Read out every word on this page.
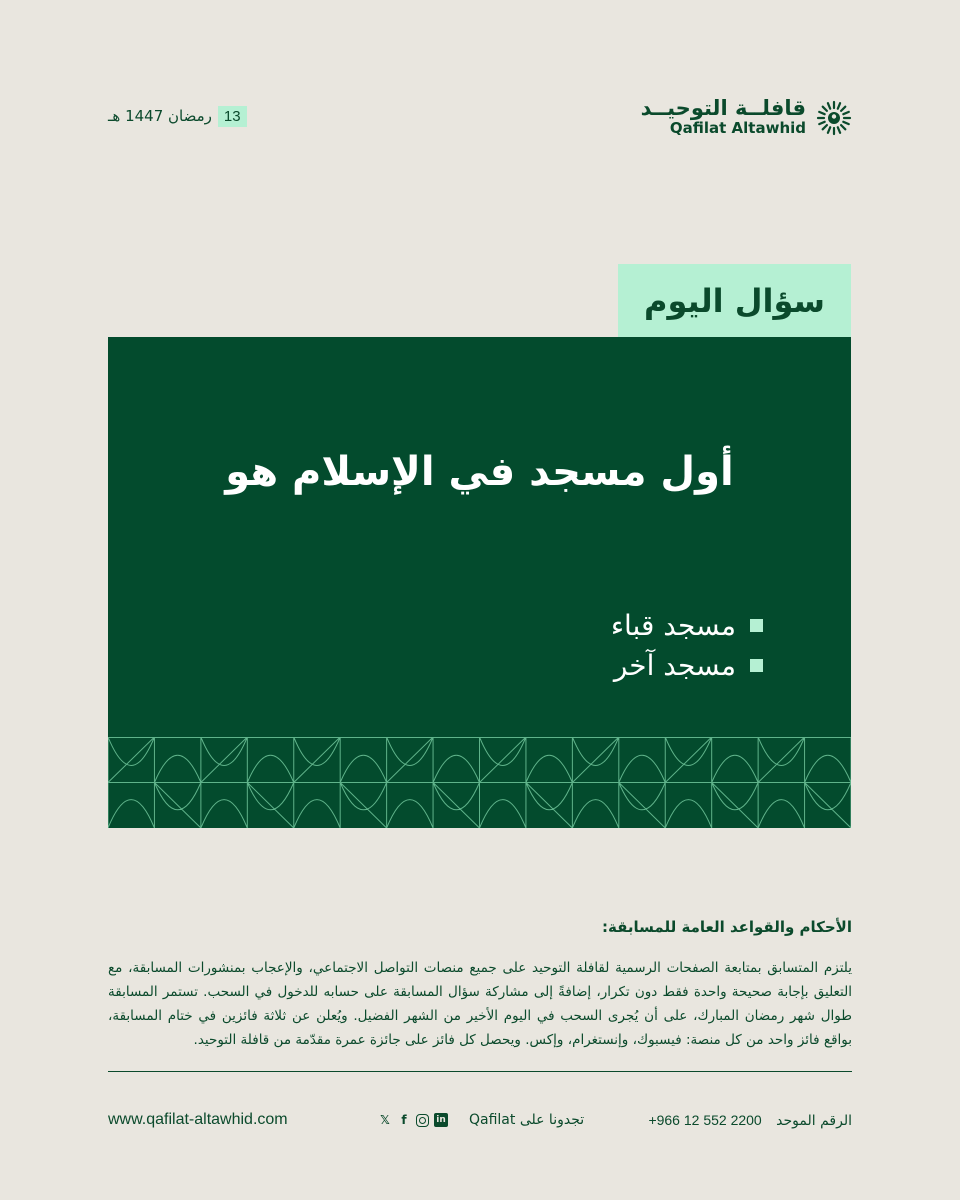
قافلــة التوحيــد
Qafilat Altawhid
13
رمضان 1447 هـ
سؤال اليوم
أول مسجد في الإسلام هو
مسجد قباء
مسجد آخر
الأحكام والقواعد العامة للمسابقة:
يلتزم المتسابق بمتابعة الصفحات الرسمية لقافلة التوحيد على جميع منصات التواصل الاجتماعي، والإعجاب بمنشورات المسابقة، مع التعليق بإجابة صحيحة واحدة فقط دون تكرار، إضافةً إلى مشاركة سؤال المسابقة على حسابه للدخول في السحب. تستمر المسابقة طوال شهر رمضان المبارك، على أن يُجرى السحب في اليوم الأخير من الشهر الفضيل. ويُعلن عن ثلاثة فائزين في ختام المسابقة، بواقع فائز واحد من كل منصة: فيسبوك، وإنستغرام، وإكس. ويحصل كل فائز على جائزة عمرة مقدّمة من قافلة التوحيد.
الرقم الموحد +966 12 552 2200
𝕏 f	in تجدونا على Qafilat
www.qafilat-altawhid.com
